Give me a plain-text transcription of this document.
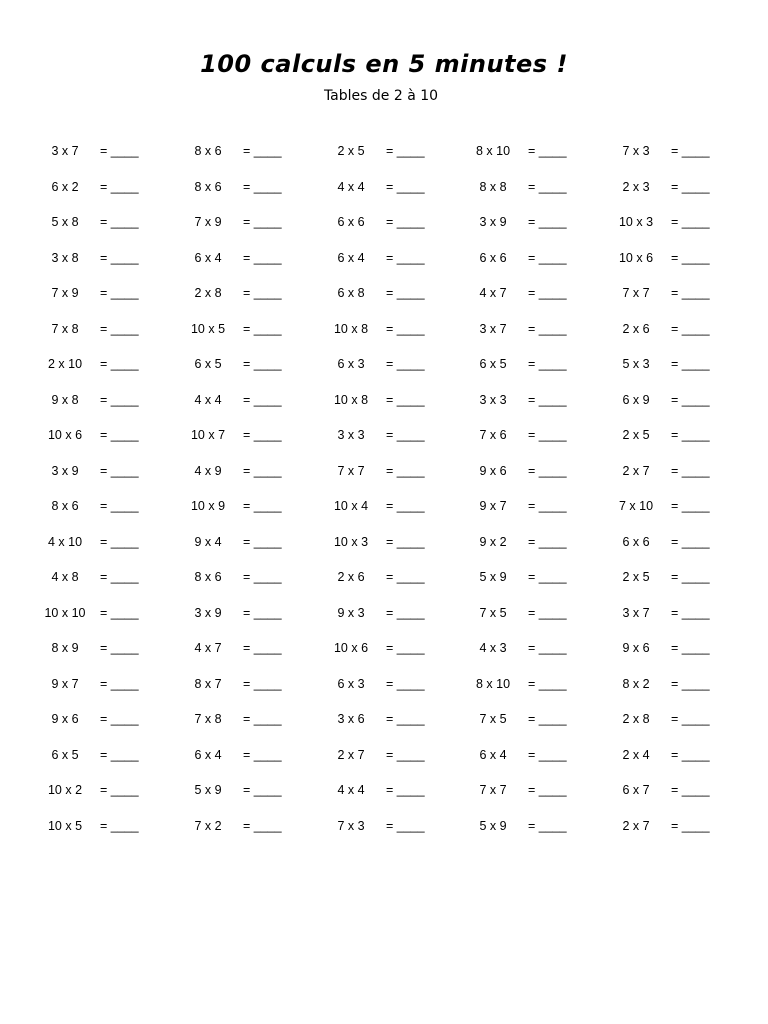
100 calculs en 5 minutes !
Tables de 2 à 10
3 x 7	= ____	8 x 6	= ____	2 x 5	= ____	8 x 10	= ____	7 x 3	= ____
6 x 2	= ____	8 x 6	= ____	4 x 4	= ____	8 x 8	= ____	2 x 3	= ____
5 x 8	= ____	7 x 9	= ____	6 x 6	= ____	3 x 9	= ____	10 x 3	= ____
3 x 8	= ____	6 x 4	= ____	6 x 4	= ____	6 x 6	= ____	10 x 6	= ____
7 x 9	= ____	2 x 8	= ____	6 x 8	= ____	4 x 7	= ____	7 x 7	= ____
7 x 8	= ____	10 x 5	= ____	10 x 8	= ____	3 x 7	= ____	2 x 6	= ____
2 x 10	= ____	6 x 5	= ____	6 x 3	= ____	6 x 5	= ____	5 x 3	= ____
9 x 8	= ____	4 x 4	= ____	10 x 8	= ____	3 x 3	= ____	6 x 9	= ____
10 x 6	= ____	10 x 7	= ____	3 x 3	= ____	7 x 6	= ____	2 x 5	= ____
3 x 9	= ____	4 x 9	= ____	7 x 7	= ____	9 x 6	= ____	2 x 7	= ____
8 x 6	= ____	10 x 9	= ____	10 x 4	= ____	9 x 7	= ____	7 x 10	= ____
4 x 10	= ____	9 x 4	= ____	10 x 3	= ____	9 x 2	= ____	6 x 6	= ____
4 x 8	= ____	8 x 6	= ____	2 x 6	= ____	5 x 9	= ____	2 x 5	= ____
10 x 10	= ____	3 x 9	= ____	9 x 3	= ____	7 x 5	= ____	3 x 7	= ____
8 x 9	= ____	4 x 7	= ____	10 x 6	= ____	4 x 3	= ____	9 x 6	= ____
9 x 7	= ____	8 x 7	= ____	6 x 3	= ____	8 x 10	= ____	8 x 2	= ____
9 x 6	= ____	7 x 8	= ____	3 x 6	= ____	7 x 5	= ____	2 x 8	= ____
6 x 5	= ____	6 x 4	= ____	2 x 7	= ____	6 x 4	= ____	2 x 4	= ____
10 x 2	= ____	5 x 9	= ____	4 x 4	= ____	7 x 7	= ____	6 x 7	= ____
10 x 5	= ____	7 x 2	= ____	7 x 3	= ____	5 x 9	= ____	2 x 7	= ____
